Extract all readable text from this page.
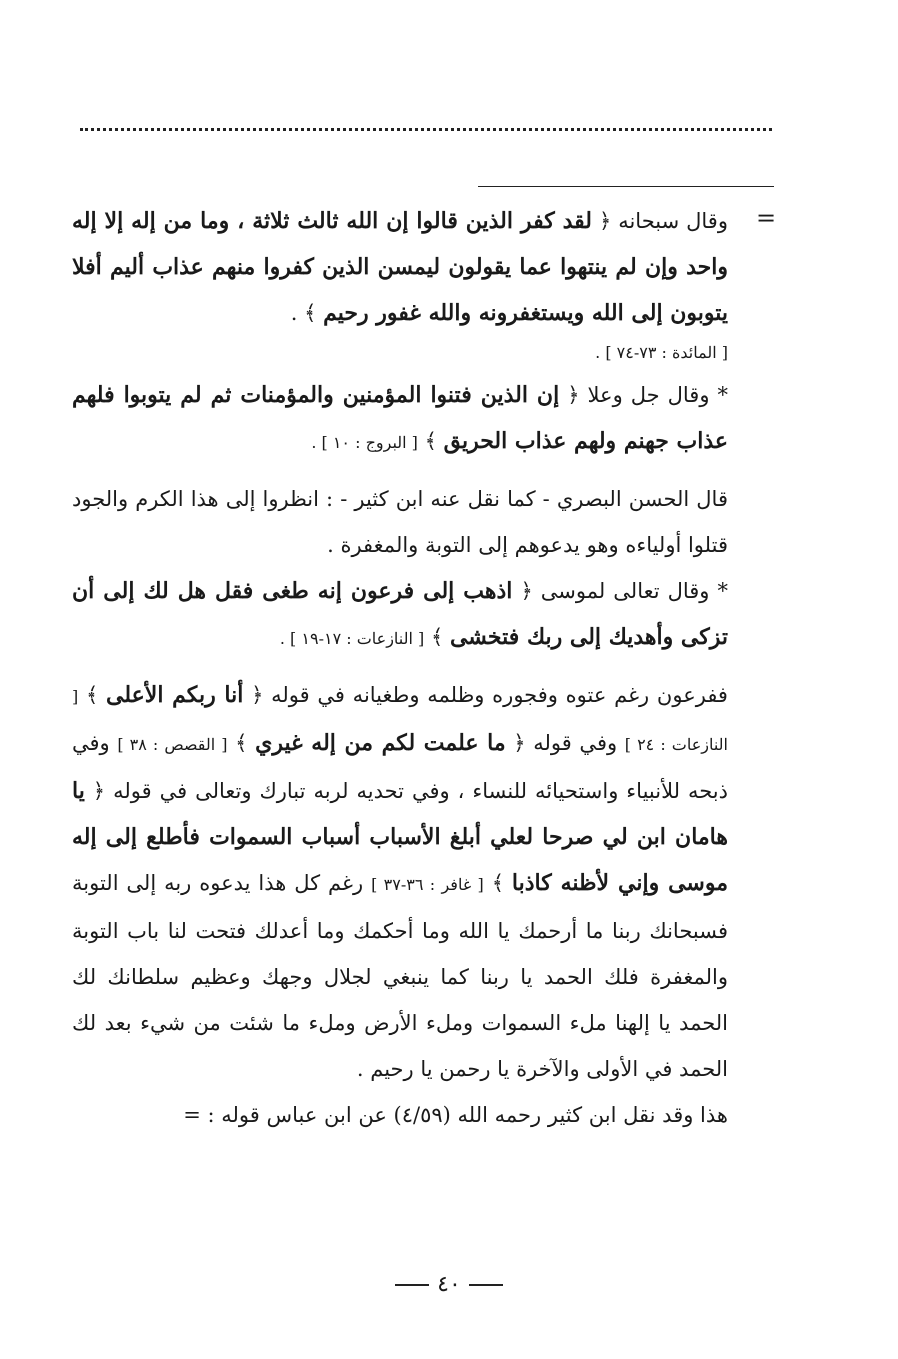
=

وقال سبحانه ﴿ لقد كفر الذين قالوا إن الله ثالث ثلاثة ، وما من إله إلا إله واحد وإن لم ينتهوا عما يقولون ليمسن الذين كفروا منهم عذاب أليم أفلا يتوبون إلى الله ويستغفرونه والله غفور رحيم ﴾ .

[ المائدة : ٧٣-٧٤ ] .

* وقال جل وعلا ﴿ إن الذين فتنوا المؤمنين والمؤمنات ثم لم يتوبوا فلهم عذاب جهنم ولهم عذاب الحريق ﴾ [ البروج : ١٠ ] .

قال الحسن البصري - كما نقل عنه ابن كثير - : انظروا إلى هذا الكرم والجود قتلوا أولياءه وهو يدعوهم إلى التوبة والمغفرة .

* وقال تعالى لموسى ﴿ اذهب إلى فرعون إنه طغى فقل هل لك إلى أن تزكى وأهديك إلى ربك فتخشى ﴾ [ النازعات : ١٧-١٩ ] .

ففرعون رغم عتوه وفجوره وظلمه وطغيانه في قوله ﴿ أنا ربكم الأعلى ﴾ [ النازعات : ٢٤ ] وفي قوله ﴿ ما علمت لكم من إله غيري ﴾ [ القصص : ٣٨ ] وفي ذبحه للأنبياء واستحيائه للنساء ، وفي تحديه لربه تبارك وتعالى في قوله ﴿ يا هامان ابن لي صرحا لعلي أبلغ الأسباب أسباب السموات فأطلع إلى إله موسى وإني لأظنه كاذبا ﴾ [ غافر : ٣٦-٣٧ ] رغم كل هذا يدعوه ربه إلى التوبة فسبحانك ربنا ما أرحمك يا الله وما أحكمك وما أعدلك فتحت لنا باب التوبة والمغفرة فلك الحمد يا ربنا كما ينبغي لجلال وجهك وعظيم سلطانك لك الحمد يا إلهنا ملء السموات وملء الأرض وملء ما شئت من شيء بعد لك الحمد في الأولى والآخرة يا رحمن يا رحيم .

هذا وقد نقل ابن كثير رحمه الله (٤/٥٩) عن ابن عباس قوله : =

٤٠
